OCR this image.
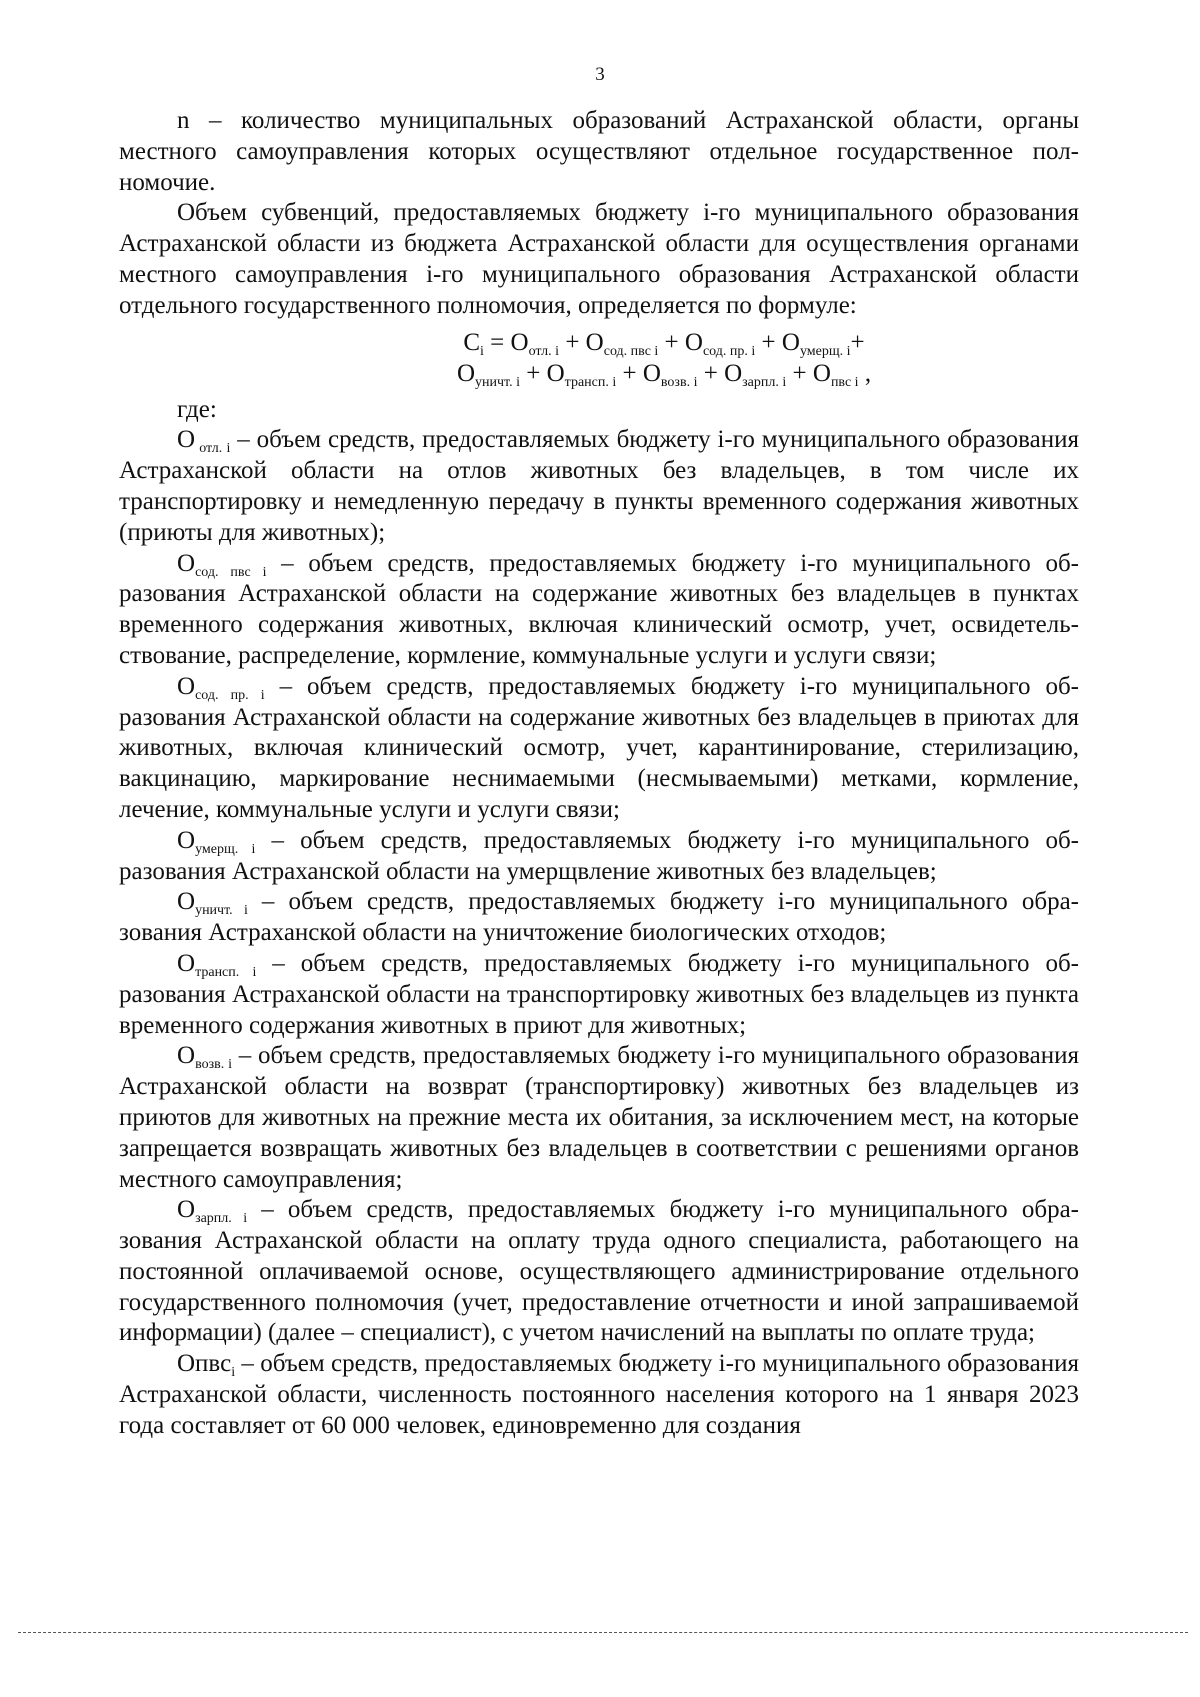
3

n – количество муниципальных образований Астраханской области, органы местного самоуправления которых осуществляют отдельное государственное полномочие.

Объем субвенций, предоставляемых бюджету i-го муниципального образования Астраханской области из бюджета Астраханской области для осуществления органами местного самоуправления i-го муниципального образования Астраханской области отдельного государственного полномочия, определяется по формуле:

$C_i = O_{отл. i} + O_{сод. пвс i} + O_{сод. пр. i} + O_{умерщ. i}+$
$O_{уничт. i} + O_{трансп. i} + O_{возв. i} + O_{зарпл. i} + O_{пвс i}$ ,

где:

O $_{отл. i}$ – объем средств, предоставляемых бюджету i-го муниципального образования Астраханской области на отлов животных без владельцев, в том числе их транспортировку и немедленную передачу в пункты временного содержания животных (приюты для животных);

$O_{сод. пвс i}$ – объем средств, предоставляемых бюджету i-го муниципального образования Астраханской области на содержание животных без владельцев в пунктах временного содержания животных, включая клинический осмотр, учет, освидетельствование, распределение, кормление, коммунальные услуги и услуги связи;

$O_{сод. пр. i}$ – объем средств, предоставляемых бюджету i-го муниципального образования Астраханской области на содержание животных без владельцев в приютах для животных, включая клинический осмотр, учет, карантинирование, стерилизацию, вакцинацию, маркирование неснимаемыми (несмываемыми) метками, кормление, лечение, коммунальные услуги и услуги связи;

$O_{умерщ. i}$ – объем средств, предоставляемых бюджету i-го муниципального образования Астраханской области на умерщвление животных без владельцев;

$O_{уничт. i}$ – объем средств, предоставляемых бюджету i-го муниципального образования Астраханской области на уничтожение биологических отходов;

$O_{трансп. i}$ – объем средств, предоставляемых бюджету i-го муниципального образования Астраханской области на транспортировку животных без владельцев из пункта временного содержания животных в приют для животных;

$O_{возв. i}$ – объем средств, предоставляемых бюджету i-го муниципального образования Астраханской области на возврат (транспортировку) животных без владельцев из приютов для животных на прежние места их обитания, за исключением мест, на которые запрещается возвращать животных без владельцев в соответствии с решениями органов местного самоуправления;

$O_{зарпл. i}$ – объем средств, предоставляемых бюджету i-го муниципального образования Астраханской области на оплату труда одного специалиста, работающего на постоянной оплачиваемой основе, осуществляющего администрирование отдельного государственного полномочия (учет, предоставление отчетности и иной запрашиваемой информации) (далее – специалист), с учетом начислений на выплаты по оплате труда;

Oпвс$_i$ – объем средств, предоставляемых бюджету i-го муниципального образования Астраханской области, численность постоянного населения которого на 1 января 2023 года составляет от 60 000 человек, единовременно для создания
